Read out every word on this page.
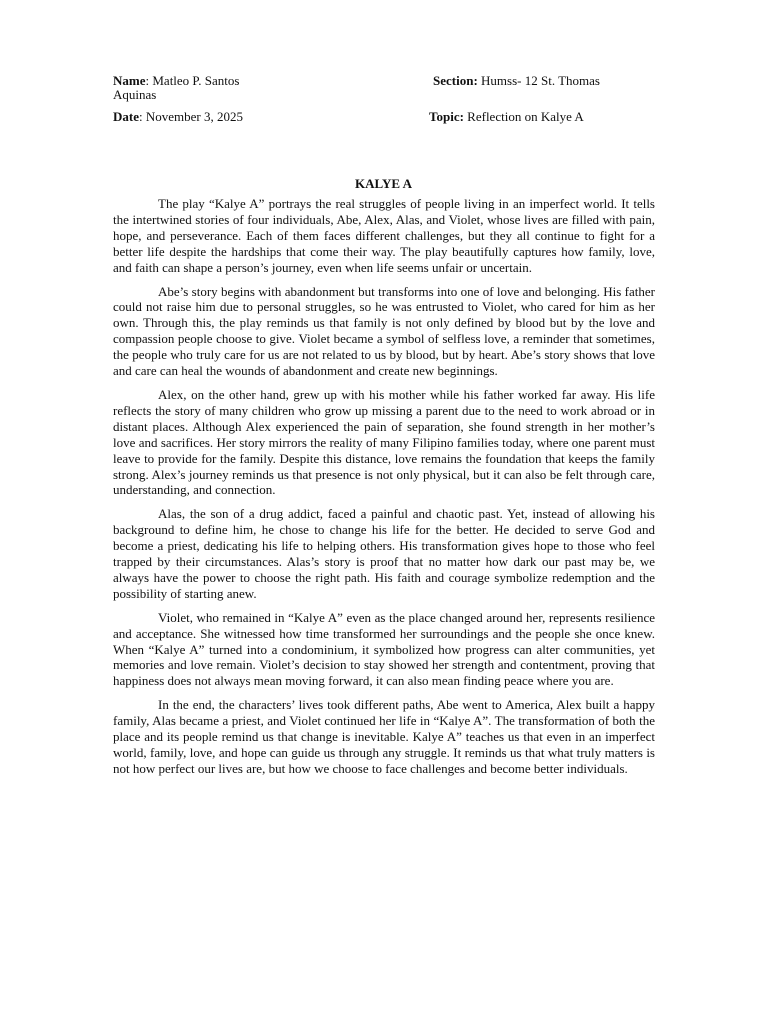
Name: Matleo P. Santos	Section: Humss- 12 St. Thomas
Aquinas
Date: November 3, 2025	Topic: Reflection on Kalye A
KALYE A

The play “Kalye A” portrays the real struggles of people living in an imperfect world. It tells the intertwined stories of four individuals, Abe, Alex, Alas, and Violet, whose lives are filled with pain, hope, and perseverance. Each of them faces different challenges, but they all continue to fight for a better life despite the hardships that come their way. The play beautifully captures how family, love, and faith can shape a person’s journey, even when life seems unfair or uncertain.

Abe’s story begins with abandonment but transforms into one of love and belonging. His father could not raise him due to personal struggles, so he was entrusted to Violet, who cared for him as her own. Through this, the play reminds us that family is not only defined by blood but by the love and compassion people choose to give. Violet became a symbol of selfless love, a reminder that sometimes, the people who truly care for us are not related to us by blood, but by heart. Abe’s story shows that love and care can heal the wounds of abandonment and create new beginnings.

Alex, on the other hand, grew up with his mother while his father worked far away. His life reflects the story of many children who grow up missing a parent due to the need to work abroad or in distant places. Although Alex experienced the pain of separation, she found strength in her mother’s love and sacrifices. Her story mirrors the reality of many Filipino families today, where one parent must leave to provide for the family. Despite this distance, love remains the foundation that keeps the family strong. Alex’s journey reminds us that presence is not only physical, but it can also be felt through care, understanding, and connection.

Alas, the son of a drug addict, faced a painful and chaotic past. Yet, instead of allowing his background to define him, he chose to change his life for the better. He decided to serve God and become a priest, dedicating his life to helping others. His transformation gives hope to those who feel trapped by their circumstances. Alas’s story is proof that no matter how dark our past may be, we always have the power to choose the right path. His faith and courage symbolize redemption and the possibility of starting anew.

Violet, who remained in “Kalye A” even as the place changed around her, represents resilience and acceptance. She witnessed how time transformed her surroundings and the people she once knew. When “Kalye A” turned into a condominium, it symbolized how progress can alter communities, yet memories and love remain. Violet’s decision to stay showed her strength and contentment, proving that happiness does not always mean moving forward, it can also mean finding peace where you are.

In the end, the characters’ lives took different paths, Abe went to America, Alex built a happy family, Alas became a priest, and Violet continued her life in “Kalye A”. The transformation of both the place and its people remind us that change is inevitable. Kalye A” teaches us that even in an imperfect world, family, love, and hope can guide us through any struggle. It reminds us that what truly matters is not how perfect our lives are, but how we choose to face challenges and become better individuals.
